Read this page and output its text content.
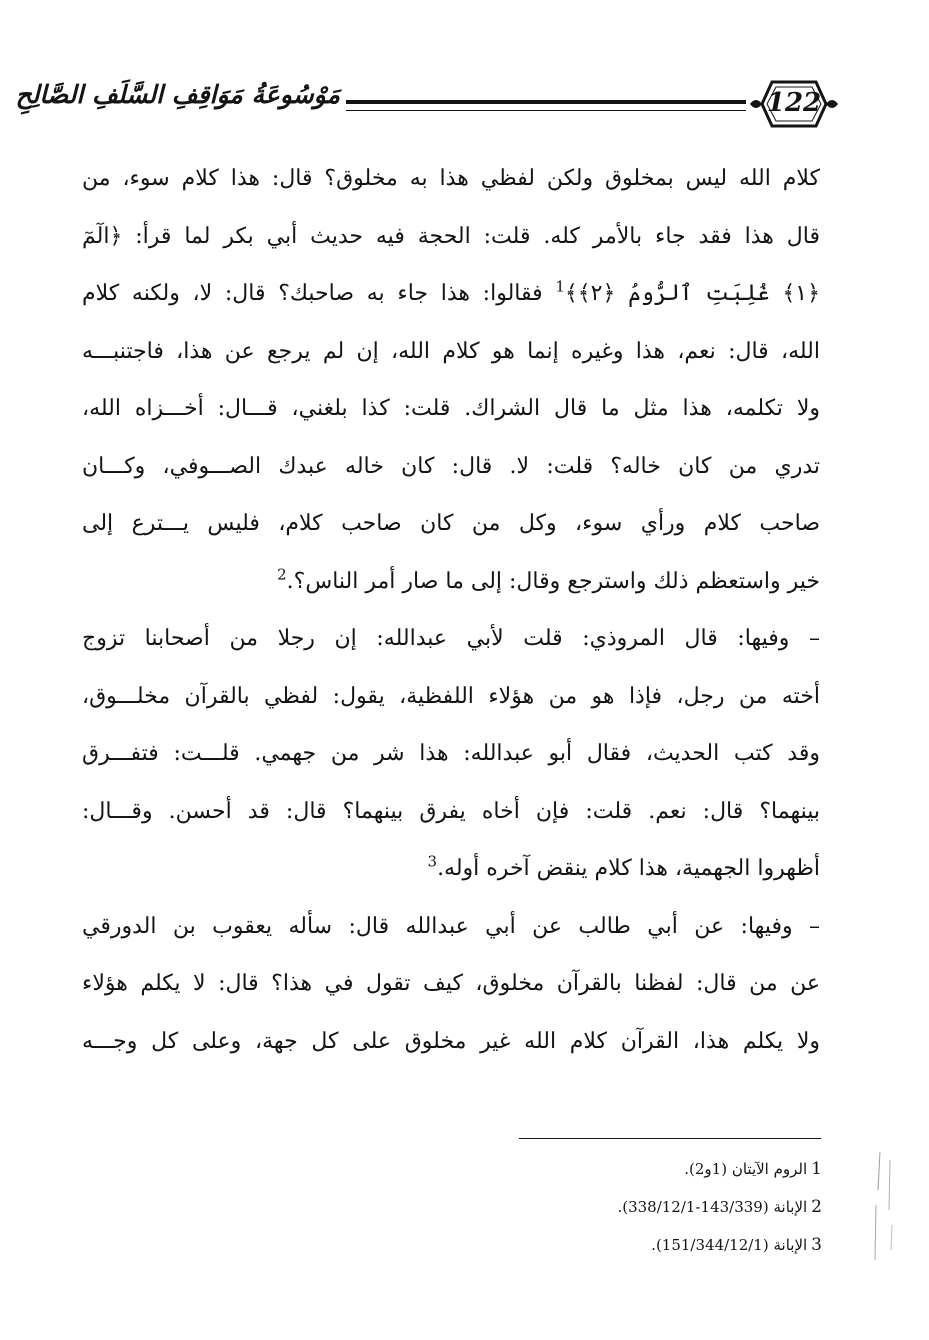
مَوْسُوعَةُ مَوَاقِفِ السَّلَفِ الصَّالِحِ	122
كلام الله ليس بمخلوق ولكن لفظي هذا به مخلوق؟ قال: هذا كلام سوء، من
قال هذا فقد جاء بالأمر كله. قلت: الحجة فيه حديث أبي بكر لما قرأ: ﴿الٓمٓ
﴿١﴾ غُلِبَتِ ٱلرُّومُ ﴿٢﴾﴾$^1$ فقالوا: هذا جاء به صاحبك؟ قال: لا، ولكنه كلام
الله، قال: نعم، هذا وغيره إنما هو كلام الله، إن لم يرجع عن هذا، فاجتنبـــه
ولا تكلمه، هذا مثل ما قال الشراك. قلت: كذا بلغني، قـــال: أخـــزاه الله،
تدري من كان خاله؟ قلت: لا. قال: كان خاله عبدك الصـــوفي، وكـــان
صاحب كلام ورأي سوء، وكل من كان صاحب كلام، فليس يـــترع إلى
خير واستعظم ذلك واسترجع وقال: إلى ما صار أمر الناس؟.$^2$
– وفيها: قال المروذي: قلت لأبي عبدالله: إن رجلا من أصحابنا تزوج
أخته من رجل، فإذا هو من هؤلاء اللفظية، يقول: لفظي بالقرآن مخلـــوق،
وقد كتب الحديث، فقال أبو عبدالله: هذا شر من جهمي. قلـــت: فتفـــرق
بينهما؟ قال: نعم. قلت: فإن أخاه يفرق بينهما؟ قال: قد أحسن. وقـــال:
أظهروا الجهمية، هذا كلام ينقض آخره أوله.$^3$
– وفيها: عن أبي طالب عن أبي عبدالله قال: سأله يعقوب بن الدورقي
عن من قال: لفظنا بالقرآن مخلوق، كيف تقول في هذا؟ قال: لا يكلم هؤلاء
ولا يكلم هذا، القرآن كلام الله غير مخلوق على كل جهة، وعلى كل وجـــه
1الروم الآيتان (1و2).
2الإبانة (143/339-338/12/1).
3الإبانة (151/344/12/1).
